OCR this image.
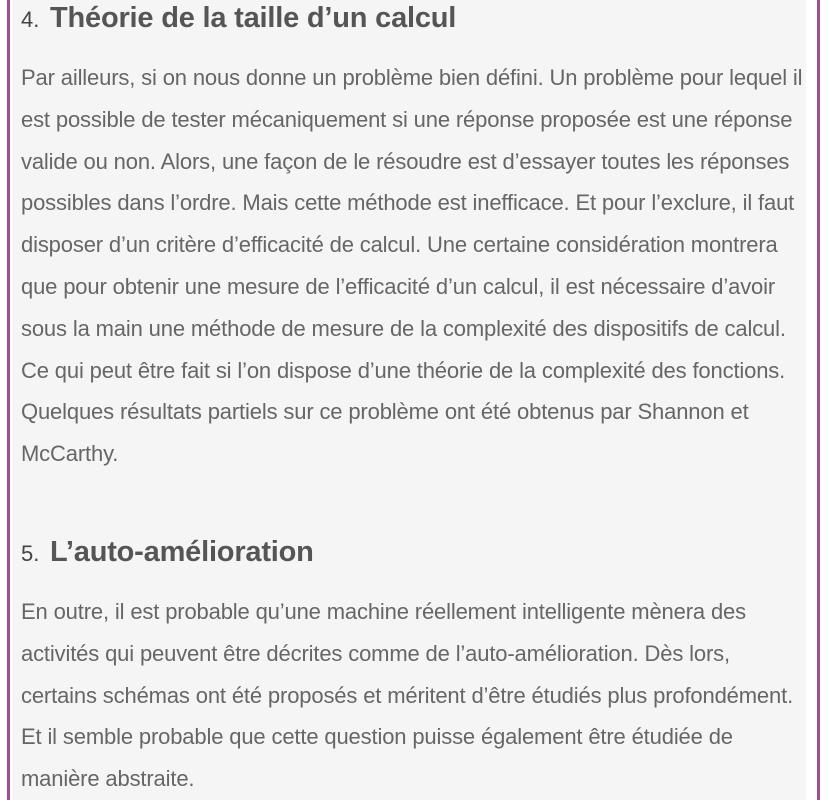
4. Théorie de la taille d’un calcul

Par ailleurs, si on nous donne un problème bien défini. Un problème pour lequel il est possible de tester mécaniquement si une réponse proposée est une réponse valide ou non. Alors, une façon de le résoudre est d’essayer toutes les réponses possibles dans l’ordre. Mais cette méthode est inefficace. Et pour l’exclure, il faut disposer d’un critère d’efficacité de calcul. Une certaine considération montrera que pour obtenir une mesure de l’efficacité d’un calcul, il est nécessaire d’avoir sous la main une méthode de mesure de la complexité des dispositifs de calcul. Ce qui peut être fait si l’on dispose d’une théorie de la complexité des fonctions. Quelques résultats partiels sur ce problème ont été obtenus par Shannon et McCarthy.

5. L’auto-amélioration

En outre, il est probable qu’une machine réellement intelligente mènera des activités qui peuvent être décrites comme de l’auto-amélioration. Dès lors, certains schémas ont été proposés et méritent d’être étudiés plus profondément. Et il semble probable que cette question puisse également être étudiée de manière abstraite.
